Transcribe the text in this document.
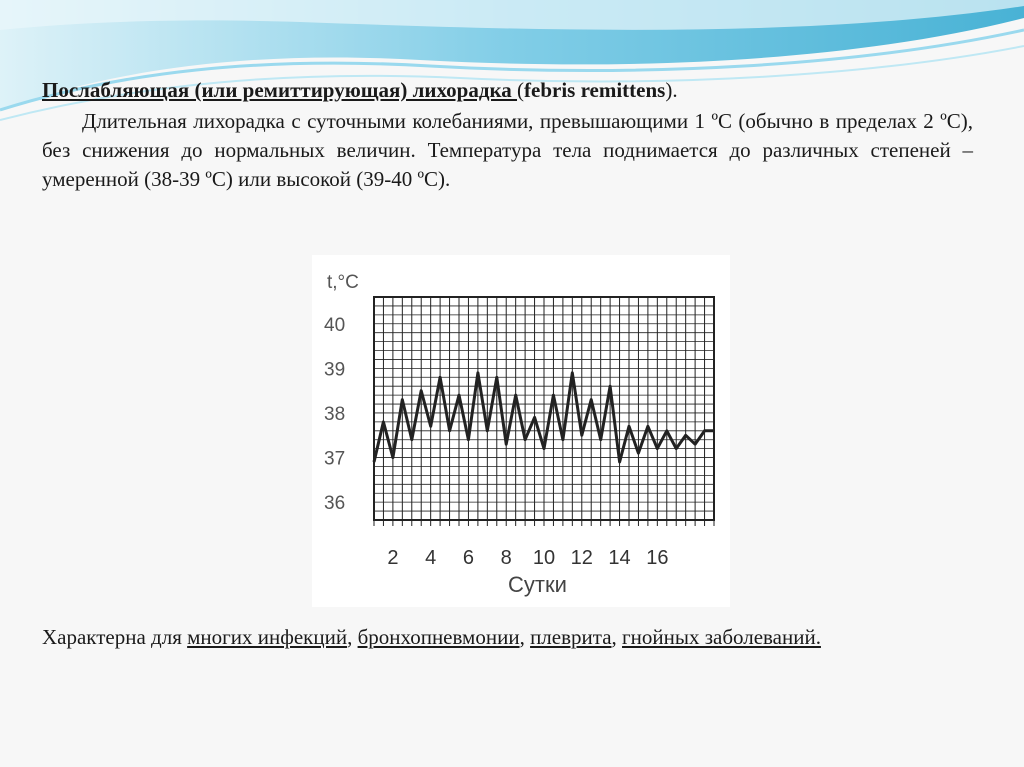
Послабляющая (или ремиттирующая) лихорадка (febris remittens).

Длительная лихорадка с суточными колебаниями, превышающими 1 ºС (обычно в пределах 2 ºС), без снижения до нормальных величин. Температура тела поднимается до различных степеней – умеренной (38-39 ºС) или высокой (39-40 ºС).

t,°C
36
37
38
39
40
2 4 6 8 10 12 14 16
Сутки
Характерна для многих инфекций, бронхопневмонии, плеврита, гнойных заболеваний.
